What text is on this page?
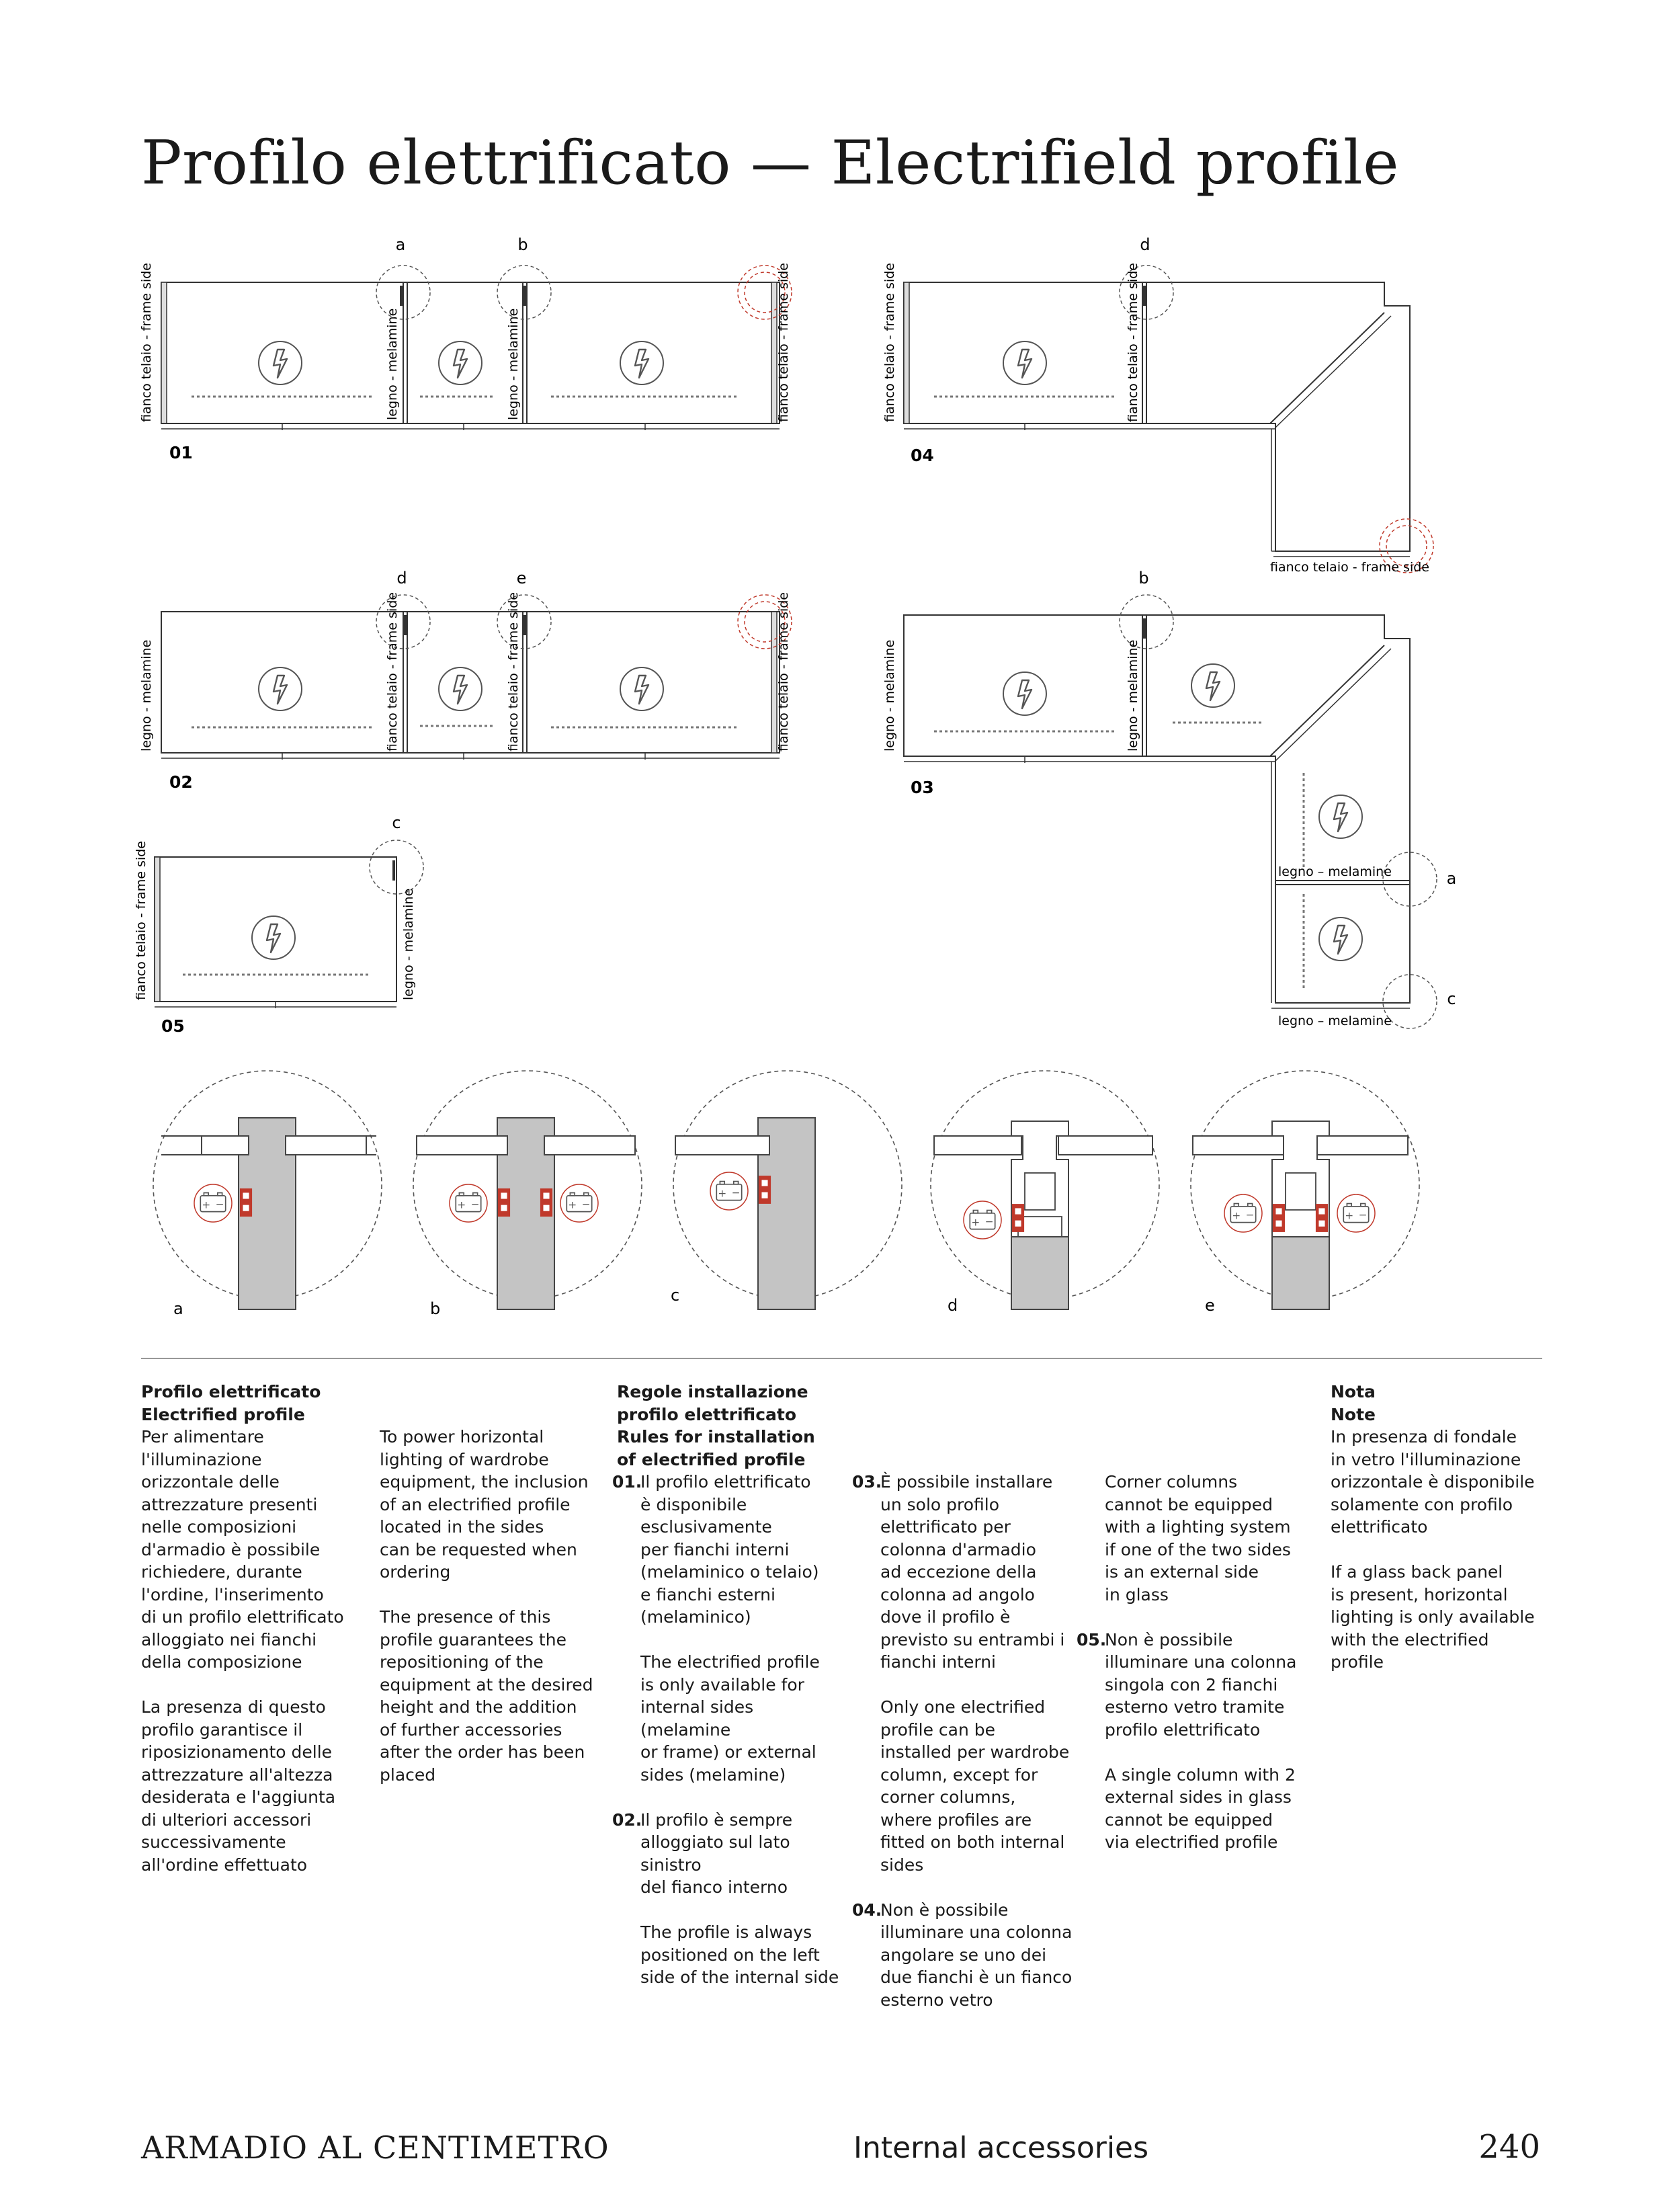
Profilo elettrificato — Electrifield profile
a	b
fianco telaio - frame side	legno - melamine	legno - melamine	fianco telaio - frame side
01
d
fianco telaio - frame side	fianco telaio - frame side
fianco telaio - frame side
04
d	e
legno - melamine	fianco telaio - frame side	fianco telaio - frame side	fianco telaio - frame side
02
b
a
c
legno - melamine	legno - melamine
legno – melamine
legno – melamine
03
c
fianco telaio - frame side	legno - melamine
05
a	b
c
d	e

Profilo elettrificato

Electrified profile

Per alimentare
l'illuminazione
orizzontale delle
attrezzature presenti
nelle composizioni
d'armadio è possibile
richiedere, durante
l'ordine, l'inserimento
di un profilo elettrificato
alloggiato nei fianchi
della composizione
La presenza di questo
profilo garantisce il
riposizionamento delle
attrezzature all'altezza
desiderata e l'aggiunta
di ulteriori accessori
successivamente
all'ordine effettuato
To power horizontal
lighting of wardrobe
equipment, the inclusion
of an electrified profile
located in the sides
can be requested when
ordering
The presence of this
profile guarantees the
repositioning of the
equipment at the desired
height and the addition
of further accessories
after the order has been
placed
Regole installazione
profilo elettrificato
Rules for installation
of electrified profile
01.
Il profilo elettrificato
è disponibile
esclusivamente
per fianchi interni
(melaminico o telaio)
e fianchi esterni
(melaminico)
The electrified profile
is only available for
internal sides (melamine
or frame) or external
sides (melamine)
02.
Il profilo è sempre
alloggiato sul lato sinistro
del fianco interno
The profile is always
positioned on the left
side of the internal side
03.
È possibile installare
un solo profilo
elettrificato per
colonna d'armadio
ad eccezione della
colonna ad angolo
dove il profilo è
previsto su entrambi i
fianchi interni
Only one electrified
profile can be
installed per wardrobe
column, except for
corner columns,
where profiles are
fitted on both internal
sides
04.
Non è possibile
illuminare una colonna
angolare se uno dei
due fianchi è un fianco
esterno vetro
Corner columns
cannot be equipped
with a lighting system
if one of the two sides
is an external side
in glass
05.
Non è possibile
illuminare una colonna
singola con 2 fianchi
esterno vetro tramite
profilo elettrificato
A single column with 2
external sides in glass
cannot be equipped
via electrified profile

Nota

Note

In presenza di fondale
in vetro l'illuminazione
orizzontale è disponibile
solamente con profilo
elettrificato
If a glass back panel
is present, horizontal
lighting is only available
with the electrified
profile
ARMADIO AL CENTIMETRO	Internal accessories	240
